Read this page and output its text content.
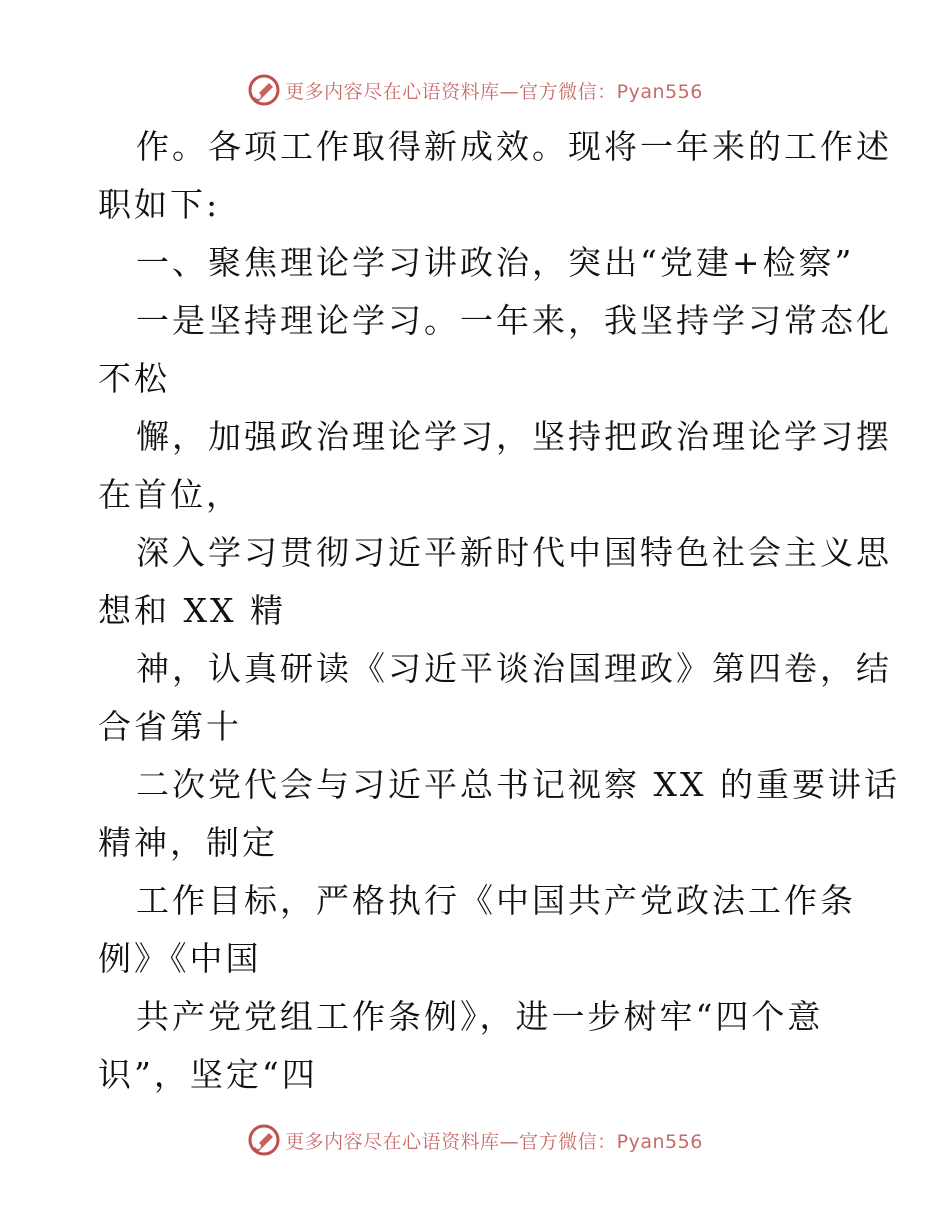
更多内容尽在心语资料库—官方微信：Pyan556
作。各项工作取得新成效。现将一年来的工作述
职如下:
一、聚焦理论学习讲政治，突出“党建+检察”
一是坚持理论学习。一年来，我坚持学习常态化
不松
懈，加强政治理论学习，坚持把政治理论学习摆
在首位，
深入学习贯彻习近平新时代中国特色社会主义思
想和 XX 精
神，认真研读《习近平谈治国理政》第四卷，结
合省第十
二次党代会与习近平总书记视察 XX 的重要讲话
精神，制定
工作目标，严格执行《中国共产党政法工作条
例》《中国
共产党党组工作条例》，进一步树牢“四个意
识”，坚定“四
更多内容尽在心语资料库—官方微信：Pyan556
